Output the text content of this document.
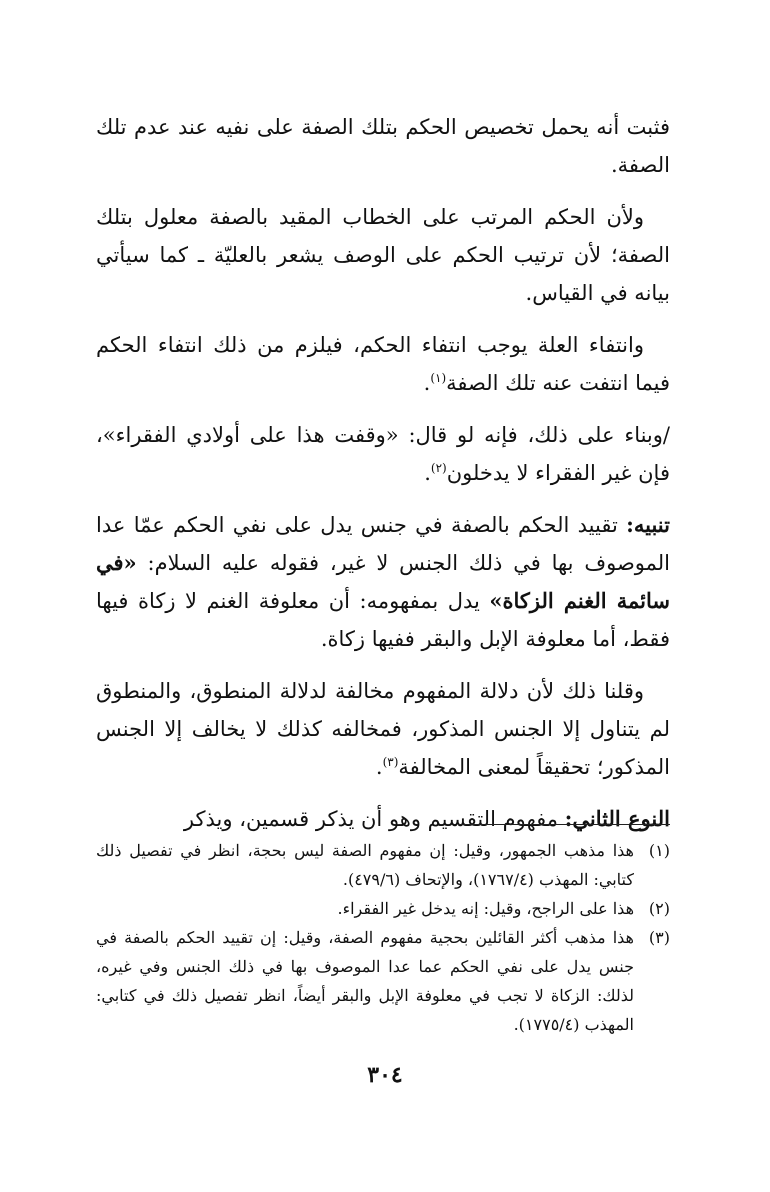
فثبت أنه يحمل تخصيص الحكم بتلك الصفة على نفيه عند عدم تلك الصفة.

ولأن الحكم المرتب على الخطاب المقيد بالصفة معلول بتلك الصفة؛ لأن ترتيب الحكم على الوصف يشعر بالعليّة ـ كما سيأتي بيانه في القياس.

وانتفاء العلة يوجب انتفاء الحكم، فيلزم من ذلك انتفاء الحكم فيما انتفت عنه تلك الصفة$^{(١)}$.

/وبناء على ذلك، فإنه لو قال: «وقفت هذا على أولادي الفقراء»، فإن غير الفقراء لا يدخلون$^{(٢)}$.

تنبيه: تقييد الحكم بالصفة في جنس يدل على نفي الحكم عمّا عدا الموصوف بها في ذلك الجنس لا غير، فقوله عليه السلام: «في سائمة الغنم الزكاة» يدل بمفهومه: أن معلوفة الغنم لا زكاة فيها فقط، أما معلوفة الإبل والبقر ففيها زكاة.

وقلنا ذلك لأن دلالة المفهوم مخالفة لدلالة المنطوق، والمنطوق لم يتناول إلا الجنس المذكور، فمخالفه كذلك لا يخالف إلا الجنس المذكور؛ تحقيقاً لمعنى المخالفة$^{(٣)}$.

النوع الثاني: مفهوم التقسيم وهو أن يذكر قسمين، ويذكر

(١)
هذا مذهب الجمهور، وقيل: إن مفهوم الصفة ليس بحجة، انظر في تفصيل ذلك كتابي: المهذب (١٧٦٧/٤)، والإتحاف (٤٧٩/٦).
(٢)
هذا على الراجح، وقيل: إنه يدخل غير الفقراء.
(٣)
هذا مذهب أكثر القائلين بحجية مفهوم الصفة، وقيل: إن تقييد الحكم بالصفة في جنس يدل على نفي الحكم عما عدا الموصوف بها في ذلك الجنس وفي غيره، لذلك: الزكاة لا تجب في معلوفة الإبل والبقر أيضاً، انظر تفصيل ذلك في كتابي: المهذب (١٧٧٥/٤).
٣٠٤
